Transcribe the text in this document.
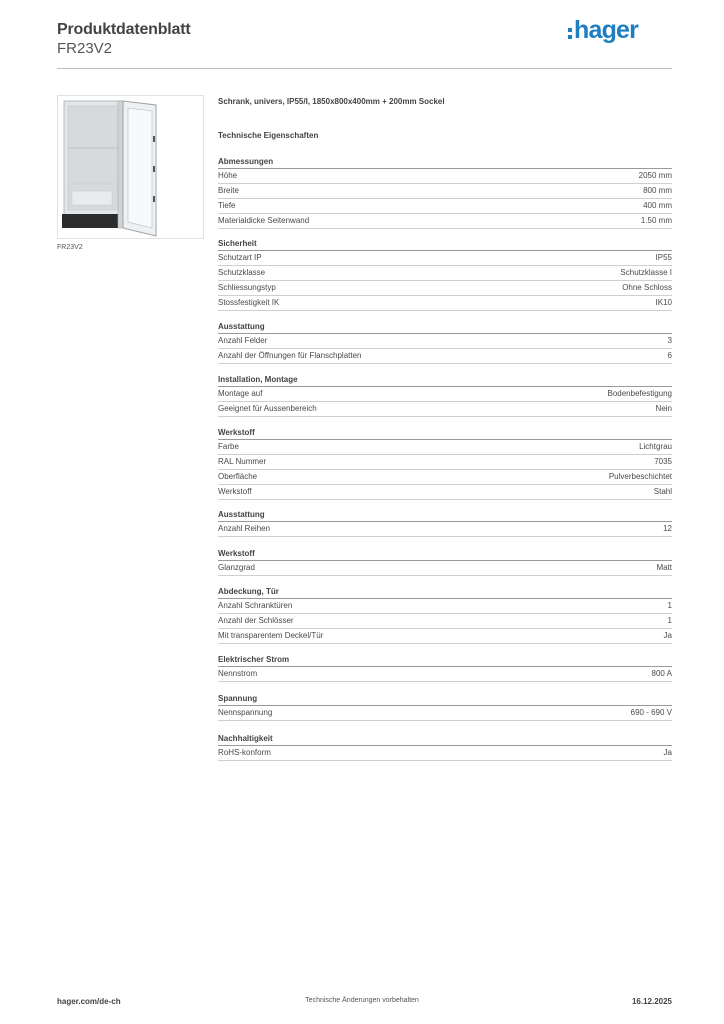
Produktdatenblatt
FR23V2
hager
FR23V2
Schrank, univers, IP55/I, 1850x800x400mm + 200mm Sockel
Technische Eigenschaften
Abmessungen
Höhe	2050 mm
Breite	800 mm
Tiefe	400 mm
Materialdicke Seitenwand	1.50 mm
Sicherheit
Schutzart IP	IP55
Schutzklasse	Schutzklasse I
Schliessungstyp	Ohne Schloss
Stossfestigkeit IK	IK10
Ausstattung
Anzahl Felder	3
Anzahl der Öffnungen für Flanschplatten	6
Installation, Montage
Montage auf	Bodenbefestigung
Geeignet für Aussenbereich	Nein
Werkstoff
Farbe	Lichtgrau
RAL Nummer	7035
Oberfläche	Pulverbeschichtet
Werkstoff	Stahl
Ausstattung
Anzahl Reihen	12
Werkstoff
Glanzgrad	Matt
Abdeckung, Tür
Anzahl Schranktüren	1
Anzahl der Schlösser	1
Mit transparentem Deckel/Tür	Ja
Elektrischer Strom
Nennstrom	800 A
Spannung
Nennspannung	690 - 690 V
Nachhaltigkeit
RoHS-konform	Ja
hager.com/de-ch	Technische Änderungen vorbehalten	16.12.2025
